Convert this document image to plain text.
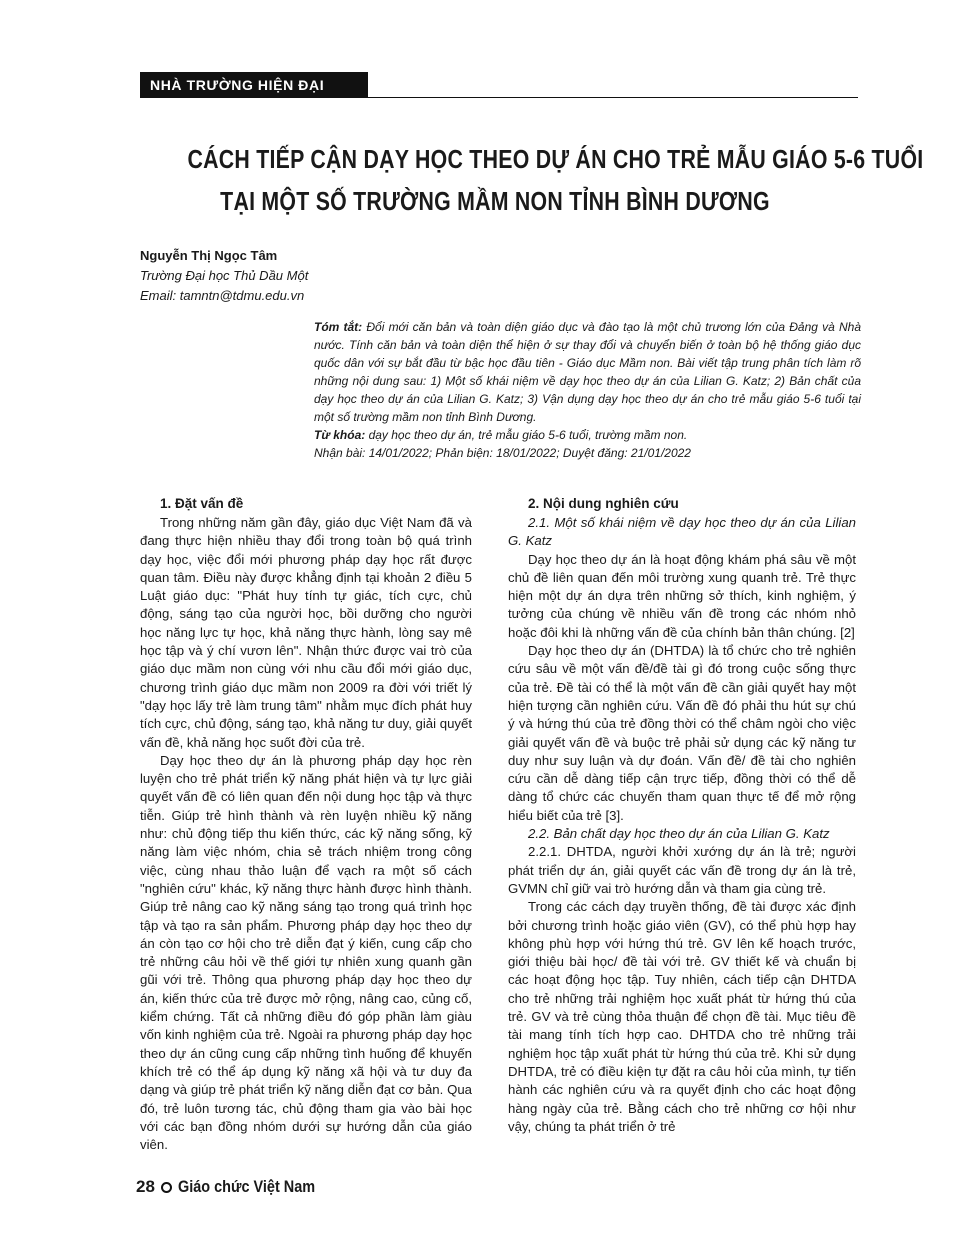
NHÀ TRƯỜNG HIỆN ĐẠI
CÁCH TIẾP CẬN DẠY HỌC THEO DỰ ÁN CHO TRẺ MẪU GIÁO 5-6 TUỔI
TẠI MỘT SỐ TRƯỜNG MẦM NON TỈNH BÌNH DƯƠNG
Nguyễn Thị Ngọc Tâm
Trường Đại học Thủ Dầu Một
Email: tamntn@tdmu.edu.vn

Tóm tắt: Đổi mới căn bản và toàn diện giáo dục và đào tạo là một chủ trương lớn của Đảng và Nhà nước. Tính căn bản và toàn diện thể hiện ở sự thay đổi và chuyển biến ở toàn bộ hệ thống giáo dục quốc dân với sự bắt đầu từ bậc học đầu tiên - Giáo dục Mầm non. Bài viết tập trung phân tích làm rõ những nội dung sau: 1) Một số khái niệm về dạy học theo dự án của Lilian G. Katz; 2) Bản chất của dạy học theo dự án của Lilian G. Katz; 3) Vận dụng dạy học theo dự án cho trẻ mẫu giáo 5-6 tuổi tại một số trường mầm non tỉnh Bình Dương.

Từ khóa: dạy học theo dự án, trẻ mẫu giáo 5-6 tuổi, trường mầm non.

Nhận bài: 14/01/2022; Phản biện: 18/01/2022; Duyệt đăng: 21/01/2022

1. Đặt vấn đề

Trong những năm gần đây, giáo dục Việt Nam đã và đang thực hiện nhiều thay đổi trong toàn bộ quá trình dạy học, việc đổi mới phương pháp dạy học rất được quan tâm. Điều này được khẳng định tại khoản 2 điều 5 Luật giáo dục: "Phát huy tính tự giác, tích cực, chủ động, sáng tạo của người học, bồi dưỡng cho người học năng lực tự học, khả năng thực hành, lòng say mê học tập và ý chí vươn lên". Nhận thức được vai trò của giáo dục mầm non cùng với nhu cầu đổi mới giáo dục, chương trình giáo dục mầm non 2009 ra đời với triết lý "dạy học lấy trẻ làm trung tâm" nhằm mục đích phát huy tích cực, chủ động, sáng tạo, khả năng tư duy, giải quyết vấn đề, khả năng học suốt đời của trẻ.

Dạy học theo dự án là phương pháp dạy học rèn luyện cho trẻ phát triển kỹ năng phát hiện và tự lực giải quyết vấn đề có liên quan đến nội dung học tập và thực tiễn. Giúp trẻ hình thành và rèn luyện nhiều kỹ năng như: chủ động tiếp thu kiến thức, các kỹ năng sống, kỹ năng làm việc nhóm, chia sẻ trách nhiệm trong công việc, cùng nhau thảo luận để vạch ra một số cách "nghiên cứu" khác, kỹ năng thực hành được hình thành. Giúp trẻ nâng cao kỹ năng sáng tạo trong quá trình học tập và tạo ra sản phẩm. Phương pháp dạy học theo dự án còn tạo cơ hội cho trẻ diễn đạt ý kiến, cung cấp cho trẻ những câu hỏi về thế giới tự nhiên xung quanh gần gũi với trẻ. Thông qua phương pháp dạy học theo dự án, kiến thức của trẻ được mở rộng, nâng cao, củng cố, kiểm chứng. Tất cả những điều đó góp phần làm giàu vốn kinh nghiệm của trẻ. Ngoài ra phương pháp dạy học theo dự án cũng cung cấp những tình huống để khuyến khích trẻ có thể áp dụng kỹ năng xã hội và tư duy đa dạng và giúp trẻ phát triển kỹ năng diễn đạt cơ bản. Qua đó, trẻ luôn tương tác, chủ động tham gia vào bài học với các bạn đồng nhóm dưới sự hướng dẫn của giáo viên.

2. Nội dung nghiên cứu

2.1. Một số khái niệm về dạy học theo dự án của Lilian G. Katz

Dạy học theo dự án là hoạt động khám phá sâu về một chủ đề liên quan đến môi trường xung quanh trẻ. Trẻ thực hiện một dự án dựa trên những sở thích, kinh nghiệm, ý tưởng của chúng về nhiều vấn đề trong các nhóm nhỏ hoặc đôi khi là những vấn đề của chính bản thân chúng. [2]

Dạy học theo dự án (DHTDA) là tổ chức cho trẻ nghiên cứu sâu về một vấn đề/đề tài gì đó trong cuộc sống thực của trẻ. Đề tài có thể là một vấn đề cần giải quyết hay một hiện tượng cần nghiên cứu. Vấn đề đó phải thu hút sự chú ý và hứng thú của trẻ đồng thời có thể châm ngòi cho việc giải quyết vấn đề và buộc trẻ phải sử dụng các kỹ năng tư duy như suy luận và dự đoán. Vấn đề/ đề tài cho nghiên cứu cần dễ dàng tiếp cận trực tiếp, đồng thời có thể dễ dàng tổ chức các chuyến tham quan thực tế để mở rộng hiểu biết của trẻ [3].

2.2. Bản chất dạy học theo dự án của Lilian G. Katz

2.2.1. DHTDA, người khởi xướng dự án là trẻ; người phát triển dự án, giải quyết các vấn đề trong dự án là trẻ, GVMN chỉ giữ vai trò hướng dẫn và tham gia cùng trẻ.

Trong các cách dạy truyền thống, đề tài được xác định bởi chương trình hoặc giáo viên (GV), có thể phù hợp hay không phù hợp với hứng thú trẻ. GV lên kế hoạch trước, giới thiệu bài học/ đề tài với trẻ. GV thiết kế và chuẩn bị các hoạt động học tập. Tuy nhiên, cách tiếp cận DHTDA cho trẻ những trải nghiệm học xuất phát từ hứng thú của trẻ. GV và trẻ cùng thỏa thuận để chọn đề tài. Mục tiêu đề tài mang tính tích hợp cao. DHTDA cho trẻ những trải nghiệm học tập xuất phát từ hứng thú của trẻ. Khi sử dụng DHTDA, trẻ có điều kiện tự đặt ra câu hỏi của mình, tự tiến hành các nghiên cứu và ra quyết định cho các hoạt động hàng ngày của trẻ. Bằng cách cho trẻ những cơ hội như vậy, chúng ta phát triển ở trẻ

28 Giáo chức Việt Nam
